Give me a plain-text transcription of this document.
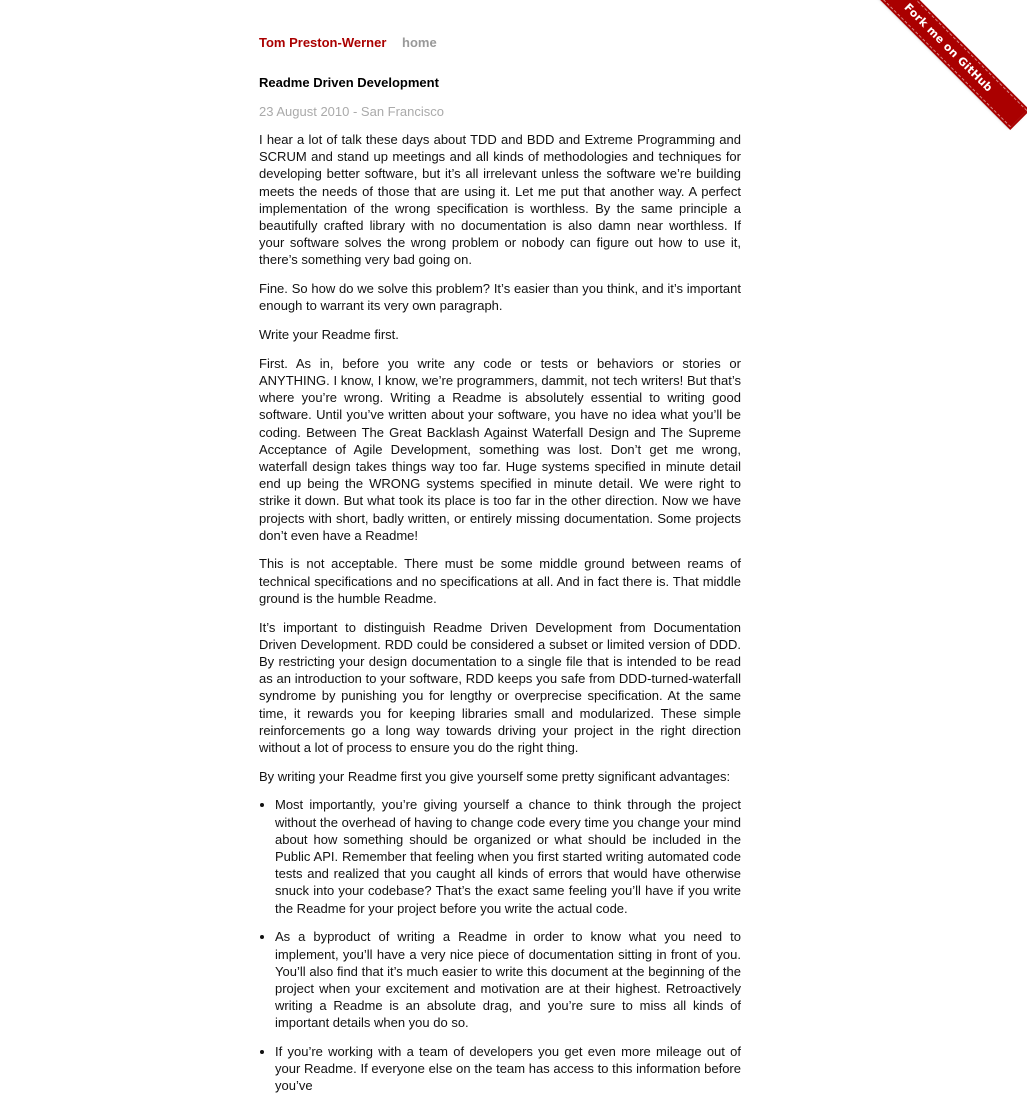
Fork me on GitHub
Tom Preston-Werner home
Readme Driven Development

23 August 2010 - San Francisco

I hear a lot of talk these days about TDD and BDD and Extreme Programming and SCRUM and stand up meetings and all kinds of methodologies and techniques for developing better software, but it’s all irrelevant unless the software we’re building meets the needs of those that are using it. Let me put that another way. A perfect implementation of the wrong specification is worthless. By the same principle a beautifully crafted library with no documentation is also damn near worthless. If your software solves the wrong problem or nobody can figure out how to use it, there’s something very bad going on.

Fine. So how do we solve this problem? It’s easier than you think, and it’s important enough to warrant its very own paragraph.

Write your Readme first.

First. As in, before you write any code or tests or behaviors or stories or ANYTHING. I know, I know, we’re programmers, dammit, not tech writers! But that’s where you’re wrong. Writing a Readme is absolutely essential to writing good software. Until you’ve written about your software, you have no idea what you’ll be coding. Between The Great Backlash Against Waterfall Design and The Supreme Acceptance of Agile Development, something was lost. Don’t get me wrong, waterfall design takes things way too far. Huge systems specified in minute detail end up being the WRONG systems specified in minute detail. We were right to strike it down. But what took its place is too far in the other direction. Now we have projects with short, badly written, or entirely missing documentation. Some projects don’t even have a Readme!

This is not acceptable. There must be some middle ground between reams of technical specifications and no specifications at all. And in fact there is. That middle ground is the humble Readme.

It’s important to distinguish Readme Driven Development from Documentation Driven Development. RDD could be considered a subset or limited version of DDD. By restricting your design documentation to a single file that is intended to be read as an introduction to your software, RDD keeps you safe from DDD-turned-waterfall syndrome by punishing you for lengthy or overprecise specification. At the same time, it rewards you for keeping libraries small and modularized. These simple reinforcements go a long way towards driving your project in the right direction without a lot of process to ensure you do the right thing.

By writing your Readme first you give yourself some pretty significant advantages:

• Most importantly, you’re giving yourself a chance to think through the project without the overhead of having to change code every time you change your mind about how something should be organized or what should be included in the Public API. Remember that feeling when you first started writing automated code tests and realized that you caught all kinds of errors that would have otherwise snuck into your codebase? That’s the exact same feeling you’ll have if you write the Readme for your project before you write the actual code.
• As a byproduct of writing a Readme in order to know what you need to implement, you’ll have a very nice piece of documentation sitting in front of you. You’ll also find that it’s much easier to write this document at the beginning of the project when your excitement and motivation are at their highest. Retroactively writing a Readme is an absolute drag, and you’re sure to miss all kinds of important details when you do so.
• If you’re working with a team of developers you get even more mileage out of your Readme. If everyone else on the team has access to this information before you’ve
